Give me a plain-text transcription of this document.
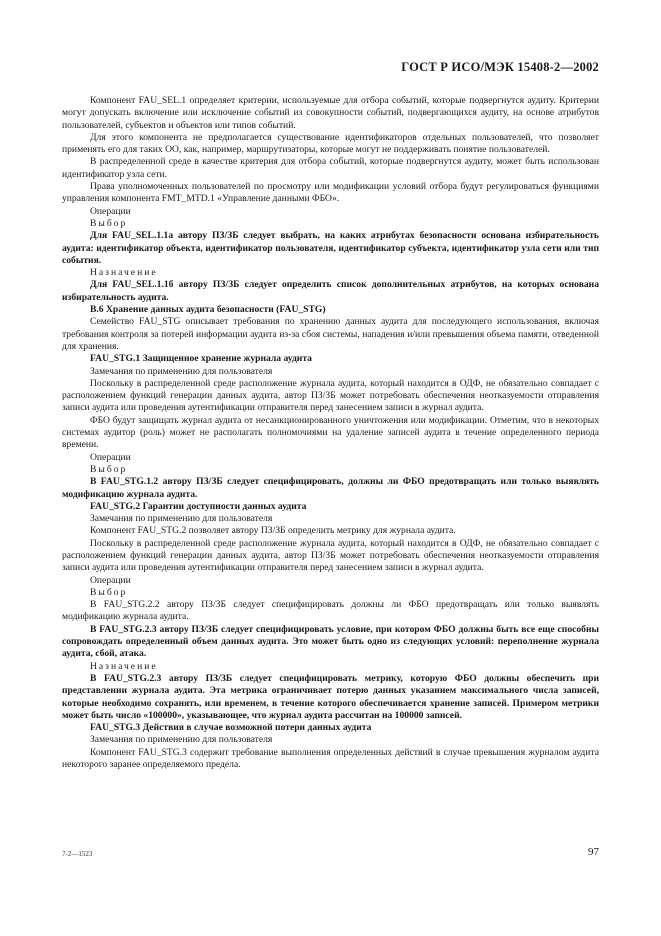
ГОСТ Р ИСО/МЭК 15408-2—2002

Компонент FAU_SEL.1 определяет критерии, используемые для отбора событий, которые подвергнутся аудиту. Критерии могут допускать включение или исключение событий из совокупности событий, подвергающихся аудиту, на основе атрибутов пользователей, субъектов и объектов или типов событий.

Для этого компонента не предполагается существование идентификаторов отдельных пользователей, что позволяет применять его для таких ОО, как, например, маршрутизаторы, которые могут не поддерживать понятие пользователей.

В распределенной среде в качестве критерия для отбора событий, которые подвергнутся аудиту, может быть использован идентификатор узла сети.

Права уполномоченных пользователей по просмотру или модификации условий отбора будут регулироваться функциями управления компонента FMT_MTD.1 «Управление данными ФБО».

Операции

Выбор

Для FAU_SEL.1.1а автору ПЗ/ЗБ следует выбрать, на каких атрибутах безопасности основана избирательность аудита: идентификатор объекта, идентификатор пользователя, идентификатор субъекта, идентификатор узла сети или тип события.

Назначение

Для FAU_SEL.1.1б автору ПЗ/ЗБ следует определить список дополнительных атрибутов, на которых основана избирательность аудита.

В.6 Хранение данных аудита безопасности (FAU_STG)

Семейство FAU_STG описывает требования по хранению данных аудита для последующего использования, включая требования контроля за потерей информации аудита из-за сбоя системы, нападения и/или превышения объема памяти, отведенной для хранения.

FAU_STG.1 Защищенное хранение журнала аудита

Замечания по применению для пользователя

Поскольку в распределенной среде расположение журнала аудита, который находится в ОДФ, не обязательно совпадает с расположением функций генерации данных аудита, автор ПЗ/ЗБ может потребовать обеспечения неотказуемости отправления записи аудита или проведения аутентификации отправителя перед занесением записи в журнал аудита.

ФБО будут защищать журнал аудита от несанкционированного уничтожения или модификации. Отметим, что в некоторых системах аудитор (роль) может не располагать полномочиями на удаление записей аудита в течение определенного периода времени.

Операции

Выбор

В FAU_STG.1.2 автору ПЗ/ЗБ следует специфицировать, должны ли ФБО предотвращать или только выявлять модификацию журнала аудита.

FAU_STG.2 Гарантии доступности данных аудита

Замечания по применению для пользователя

Компонент FAU_STG.2 позволяет автору ПЗ/ЗБ определить метрику для журнала аудита.

Поскольку в распределенной среде расположение журнала аудита, который находится в ОДФ, не обязательно совпадает с расположением функций генерации данных аудита, автор ПЗ/ЗБ может потребовать обеспечения неотказуемости отправления записи аудита или проведения аутентификации отправителя перед занесением записи в журнал аудита.

Операции

Выбор

В FAU_STG.2.2 автору ПЗ/ЗБ следует специфицировать должны ли ФБО предотвращать или только выявлять модификацию журнала аудита.

В FAU_STG.2.3 автору ПЗ/ЗБ следует специфицировать условие, при котором ФБО должны быть все еще способны сопровождать определенный объем данных аудита. Это может быть одно из следующих условий: переполнение журнала аудита, сбой, атака.

Назначение

В FAU_STG.2.3 автору ПЗ/ЗБ следует специфицировать метрику, которую ФБО должны обеспечить при представлении журнала аудита. Эта метрика ограничивает потерю данных указанием максимального числа записей, которые необходимо сохранять, или временем, в течение которого обеспечивается хранение записей. Примером метрики может быть число «100000», указывающее, что журнал аудита рассчитан на 100000 записей.

FAU_STG.3 Действия в случае возможной потери данных аудита

Замечания по применению для пользователя

Компонент FAU_STG.3 содержит требование выполнения определенных действий в случае превышения журналом аудита некоторого заранее определяемого предела.

7-2—1523	97
